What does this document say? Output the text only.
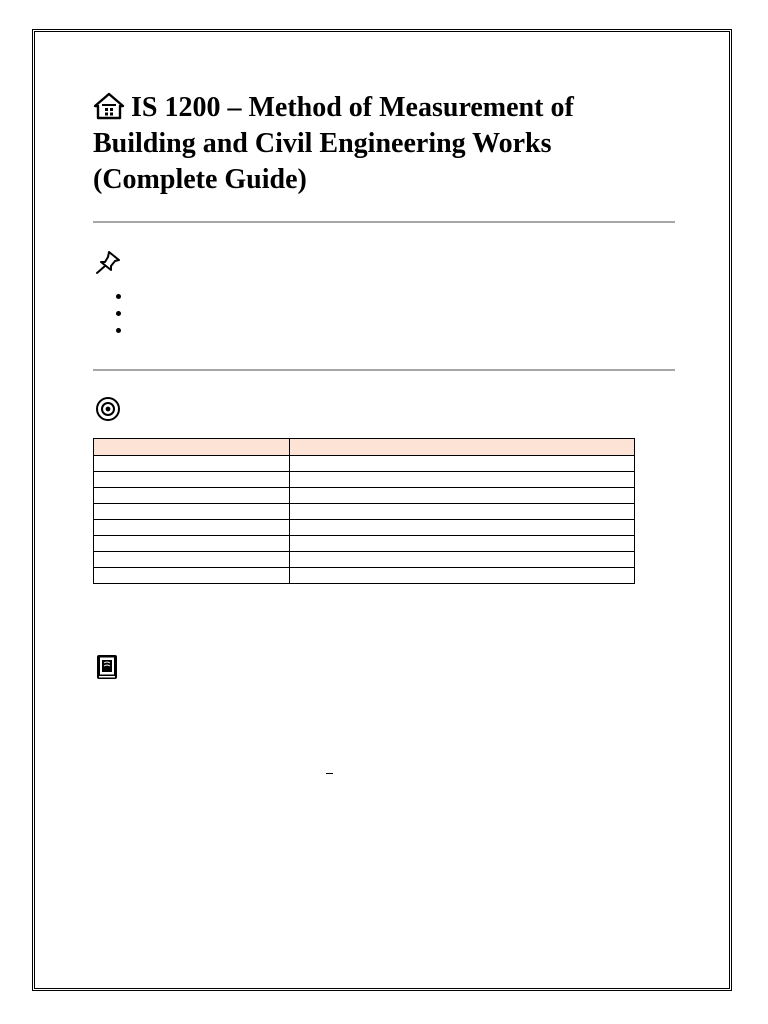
IS 1200 – Method of Measurement of Building and Civil Engineering Works (Complete Guide)
